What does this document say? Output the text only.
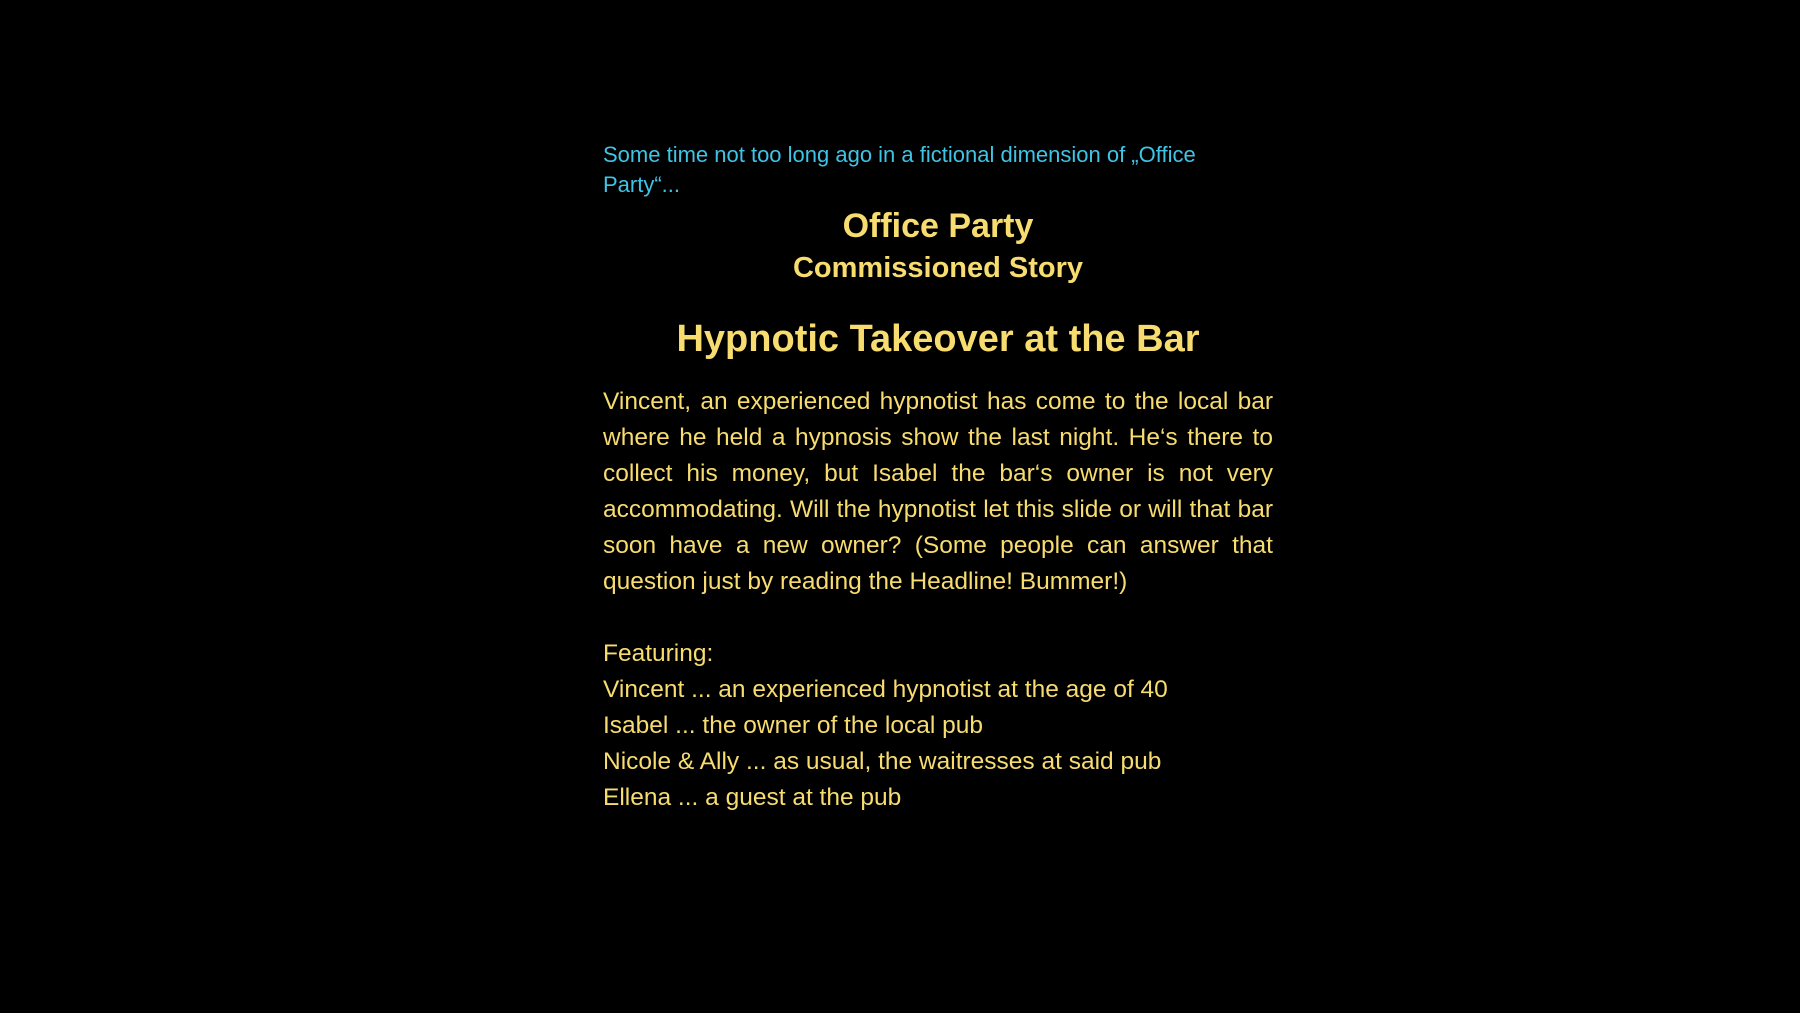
Some time not too long ago in a fictional dimension of „Office Party“...

Office Party
Commissioned Story
Hypnotic Takeover at the Bar

Vincent, an experienced hypnotist has come to the local bar where he held a hypnosis show the last night. He‘s there to collect his money, but Isabel the bar‘s owner is not very accommodating. Will the hypnotist let this slide or will that bar soon have a new owner? (Some people can answer that question just by reading the Headline! Bummer!)

Featuring:
Vincent ... an experienced hypnotist at the age of 40
Isabel ... the owner of the local pub
Nicole & Ally ... as usual, the waitresses at said pub
Ellena ... a guest at the pub
